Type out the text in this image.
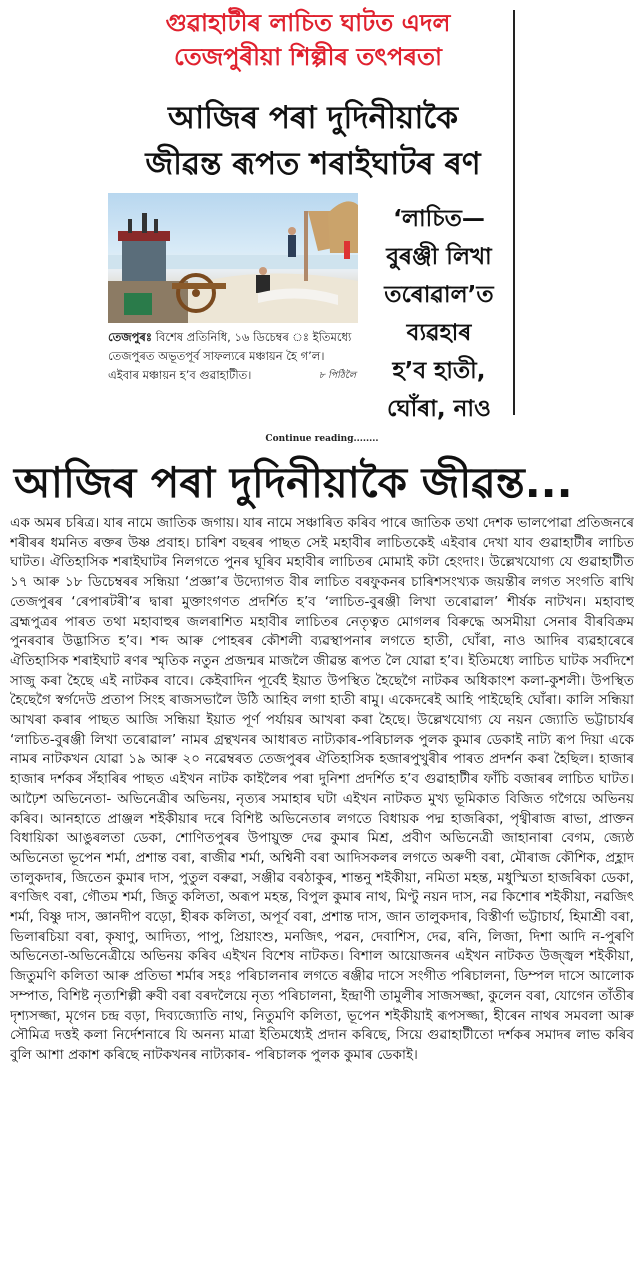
গুৱাহাটীৰ লাচিত ঘাটত এদল
তেজপুৰীয়া শিল্পীৰ তৎপৰতা
আজিৰ পৰা দুদিনীয়াকৈ
জীৱন্ত ৰূপত শৰাইঘাটৰ ৰণ
তেজপুৰঃ বিশেষ প্ৰতিনিধি, ১৬ ডিচেম্বৰ ঃ ইতিমধ্যে তেজপুৰত অভূতপূৰ্ব সাফল্যৰে মঞ্চায়ন হৈ গ’ল। এইবাৰ মঞ্চায়ন হ’ব গুৱাহাটীত।	৮ পিঠিলৈ
‘লাচিত—
বুৰঞ্জী লিখা
তৰোৱাল’ত
ব্যৱহাৰ
হ’ব হাতী,
ঘোঁৰা, নাও
Continue reading........
আজিৰ পৰা দুদিনীয়াকৈ জীৱন্ত...
এক অমৰ চৰিত্ৰ। যাৰ নামে জাতিক জগায়। যাৰ নামে সঞ্চাৰিত কৰিব পাৰে জাতিক তথা দেশক ভালপোৱা প্ৰতিজনৰে শৰীৰৰ ধমনিত ৰক্তৰ উষ্ণ প্ৰবাহ। চাৰিশ বছৰৰ পাছত সেই মহাবীৰ লাচিতকেই এইবাৰ দেখা যাব গুৱাহাটীৰ লাচিত ঘাটত। ঐতিহাসিক শৰাইঘাটৰ নিলগতে পুনৰ ঘূৰিব মহাবীৰ লাচিতৰ মোমাই কটা হেংদাং। উল্লেখযোগ্য যে গুৱাহাটীত ১৭ আৰু ১৮ ডিচেম্বৰৰ সন্ধিয়া ‘প্ৰজ্ঞা’ৰ উদ্যোগত বীৰ লাচিত বৰফুকনৰ চাৰিশসংখ্যক জয়ন্তীৰ লগত সংগতি ৰাখি তেজপুৰৰ ‘ৰেপাৰটৰী’ৰ দ্বাৰা মুক্তাংগণত প্ৰদৰ্শিত হ’ব ‘লাচিত-বুৰঞ্জী লিখা তৰোৱাল’ শীৰ্ষক নাটখন। মহাবাহু ব্ৰহ্মপুত্ৰৰ পাৰত তথা মহাবাহুৰ জলৰাশিত মহাবীৰ লাচিতৰ নেতৃত্বত মোগলৰ বিৰুদ্ধে অসমীয়া সেনাৰ বীৰবিক্ৰম পুনৰবাৰ উদ্ভাসিত হ’ব। শব্দ আৰু পোহৰৰ কৌশলী ব্যৱস্থাপনাৰ লগতে হাতী, ঘোঁৰা, নাও আদিৰ ব্যৱহাৰেৰে ঐতিহাসিক শৰাইঘাট ৰণৰ স্মৃতিক নতুন প্ৰজন্মৰ মাজলৈ জীৱন্ত ৰূপত লৈ যোৱা হ’ব। ইতিমধ্যে লাচিত ঘাটক সৰ্বদিশে সাজু কৰা হৈছে এই নাটকৰ বাবে। কেইবাদিন পূৰ্বেই ইয়াত উপস্থিত হৈছেগৈ নাটকৰ অধিকাংশ কলা-কুশলী। উপস্থিত হৈছেগৈ স্বৰ্গদেউ প্ৰতাপ সিংহ ৰাজসভালৈ উঠি আহিব লগা হাতী ৰামু। একেদৰেই আহি পাইছেহি ঘোঁৰা। কালি সন্ধিয়া আখৰা কৰাৰ পাছত আজি সন্ধিয়া ইয়াত পূৰ্ণ পৰ্যায়ৰ আখৰা কৰা হৈছে। উল্লেখযোগ্য যে নয়ন জ্যোতি ভট্টাচাৰ্যৰ ‘লাচিত-বুৰঞ্জী লিখা তৰোৱাল’ নামৰ গ্ৰন্থখনৰ আধাৰত নাট্যকাৰ-পৰিচালক পুলক কুমাৰ ডেকাই নাট্য ৰূপ দিয়া একে নামৰ নাটকখন যোৱা ১৯ আৰু ২০ নৱেম্বৰত তেজপুৰৰ ঐতিহাসিক হজাৰপুখুৰীৰ পাৰত প্ৰদৰ্শন কৰা হৈছিল। হাজাৰ হাজাৰ দৰ্শকৰ সঁহাৰিৰ পাছত এইখন নাটক কাইলৈৰ পৰা দুনিশা প্ৰদৰ্শিত হ’ব গুৱাহাটীৰ ফাঁচি বজাৰৰ লাচিত ঘাটত। আঢ়ৈশ অভিনেতা- অভিনেত্ৰীৰ অভিনয়, নৃত্যৰ সমাহাৰ ঘটা এইখন নাটকত মুখ্য ভূমিকাত বিজিত গগৈয়ে অভিনয় কৰিব। আনহাতে প্ৰাঞ্জল শইকীয়াৰ দৰে বিশিষ্ট অভিনেতাৰ লগতে বিধায়ক পদ্ম হাজৰিকা, পৃথ্বীৰাজ ৰাভা, প্ৰাক্তন বিধায়িকা আঙুৰলতা ডেকা, শোণিতপুৰৰ উপায়ুক্ত দেৱ কুমাৰ মিশ্ৰ, প্ৰবীণ অভিনেত্ৰী জাহানাৰা বেগম, জ্যেষ্ঠ অভিনেতা ভূপেন শৰ্মা, প্ৰশান্ত বৰা, ৰাজীৱ শৰ্মা, অশ্বিনী বৰা আদিসকলৰ লগতে অৰুণী বৰা, মৌৰাজ কৌশিক, প্ৰহ্লাদ তালুকদাৰ, জিতেন কুমাৰ দাস, পুতুল বৰুৱা, সঞ্জীৱ বৰঠাকুৰ, শান্তনু শইকীয়া, নমিতা মহন্ত, মধুস্মিতা হাজৰিকা ডেকা, ৰণজিৎ বৰা, গৌতম শৰ্মা, জিতু কলিতা, অৰূপ মহন্ত, বিপুল কুমাৰ নাথ, মিণ্টু নয়ন দাস, নৱ কিশোৰ শইকীয়া, নৱজিৎ শৰ্মা, বিষ্ণু দাস, জ্ঞানদীপ বড়ো, হীৰক কলিতা, অপূৰ্ব বৰা, প্ৰশান্ত দাস, জান তালুকদাৰ, বিস্তীৰ্ণা ভট্টাচাৰ্য, হিমাশ্ৰী বৰা, ভিলাৰচিয়া বৰা, কৃষাণু, আদিত্য, পাপু, প্ৰিয়াংশু, মনজিৎ, পৱন, দেবাশিস, দেৱ, ৰনি, লিজা, দিশা আদি ন-পুৰণি অভিনেতা-অভিনেত্ৰীয়ে অভিনয় কৰিব এইখন বিশেষ নাটকত। বিশাল আয়োজনৰ এইখন নাটকত উজ্জ্বল শইকীয়া, জিতুমণি কলিতা আৰু প্ৰতিভা শৰ্মাৰ সহঃ পৰিচালনাৰ লগতে ৰঞ্জীৱ দাসে সংগীত পৰিচালনা, ডিম্পল দাসে আলোক সম্পাত, বিশিষ্ট নৃত্যশিল্পী ৰুবী বৰা বৰদলৈয়ে নৃত্য পৰিচালনা, ইন্দ্ৰাণী তামুলীৰ সাজসজ্জা, কুলেন বৰা, যোগেন তাঁতীৰ দৃশ্যসজ্জা, মৃগেন চন্দ্ৰ বড়া, দিব্যজ্যোতি নাথ, নিতুমণি কলিতা, ভূপেন শইকীয়াই ৰূপসজ্জা, হীৰেন নাথৰ সমবলা আৰু সৌমিত্ৰ দত্তই কলা নিৰ্দেশনাৰে যি অনন্য মাত্ৰা ইতিমধ্যেই প্ৰদান কৰিছে, সিয়ে গুৱাহাটীতো দৰ্শকৰ সমাদৰ লাভ কৰিব বুলি আশা প্ৰকাশ কৰিছে নাটকখনৰ নাট্যকাৰ- পৰিচালক পুলক কুমাৰ ডেকাই।
